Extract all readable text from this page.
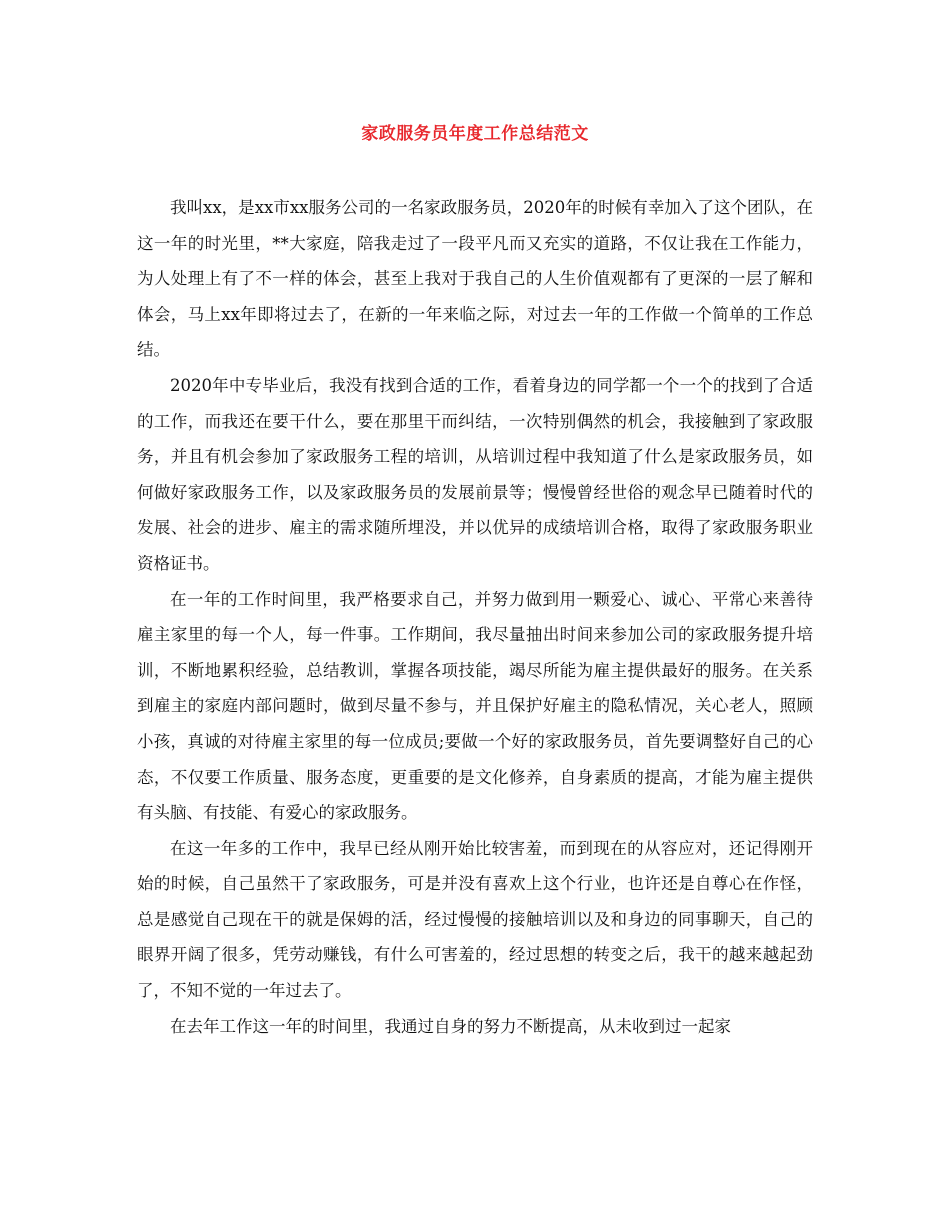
家政服务员年度工作总结范文

我叫xx，是xx市xx服务公司的一名家政服务员，2020年的时候有幸加入了这个团队，在这一年的时光里，**大家庭，陪我走过了一段平凡而又充实的道路，不仅让我在工作能力，为人处理上有了不一样的体会，甚至上我对于我自己的人生价值观都有了更深的一层了解和体会，马上xx年即将过去了，在新的一年来临之际，对过去一年的工作做一个简单的工作总结。

2020年中专毕业后，我没有找到合适的工作，看着身边的同学都一个一个的找到了合适的工作，而我还在要干什么，要在那里干而纠结，一次特别偶然的机会，我接触到了家政服务，并且有机会参加了家政服务工程的培训，从培训过程中我知道了什么是家政服务员，如何做好家政服务工作，以及家政服务员的发展前景等；慢慢曾经世俗的观念早已随着时代的发展、社会的进步、雇主的需求随所埋没，并以优异的成绩培训合格，取得了家政服务职业资格证书。

在一年的工作时间里，我严格要求自己，并努力做到用一颗爱心、诚心、平常心来善待雇主家里的每一个人，每一件事。工作期间，我尽量抽出时间来参加公司的家政服务提升培训，不断地累积经验，总结教训，掌握各项技能，竭尽所能为雇主提供最好的服务。在关系到雇主的家庭内部问题时，做到尽量不参与，并且保护好雇主的隐私情况，关心老人，照顾小孩，真诚的对待雇主家里的每一位成员;要做一个好的家政服务员，首先要调整好自己的心态，不仅要工作质量、服务态度，更重要的是文化修养，自身素质的提高，才能为雇主提供有头脑、有技能、有爱心的家政服务。

在这一年多的工作中，我早已经从刚开始比较害羞，而到现在的从容应对，还记得刚开始的时候，自己虽然干了家政服务，可是并没有喜欢上这个行业，也许还是自尊心在作怪，总是感觉自己现在干的就是保姆的活，经过慢慢的接触培训以及和身边的同事聊天，自己的眼界开阔了很多，凭劳动赚钱，有什么可害羞的，经过思想的转变之后，我干的越来越起劲了，不知不觉的一年过去了。

在去年工作这一年的时间里，我通过自身的努力不断提高，从未收到过一起家
